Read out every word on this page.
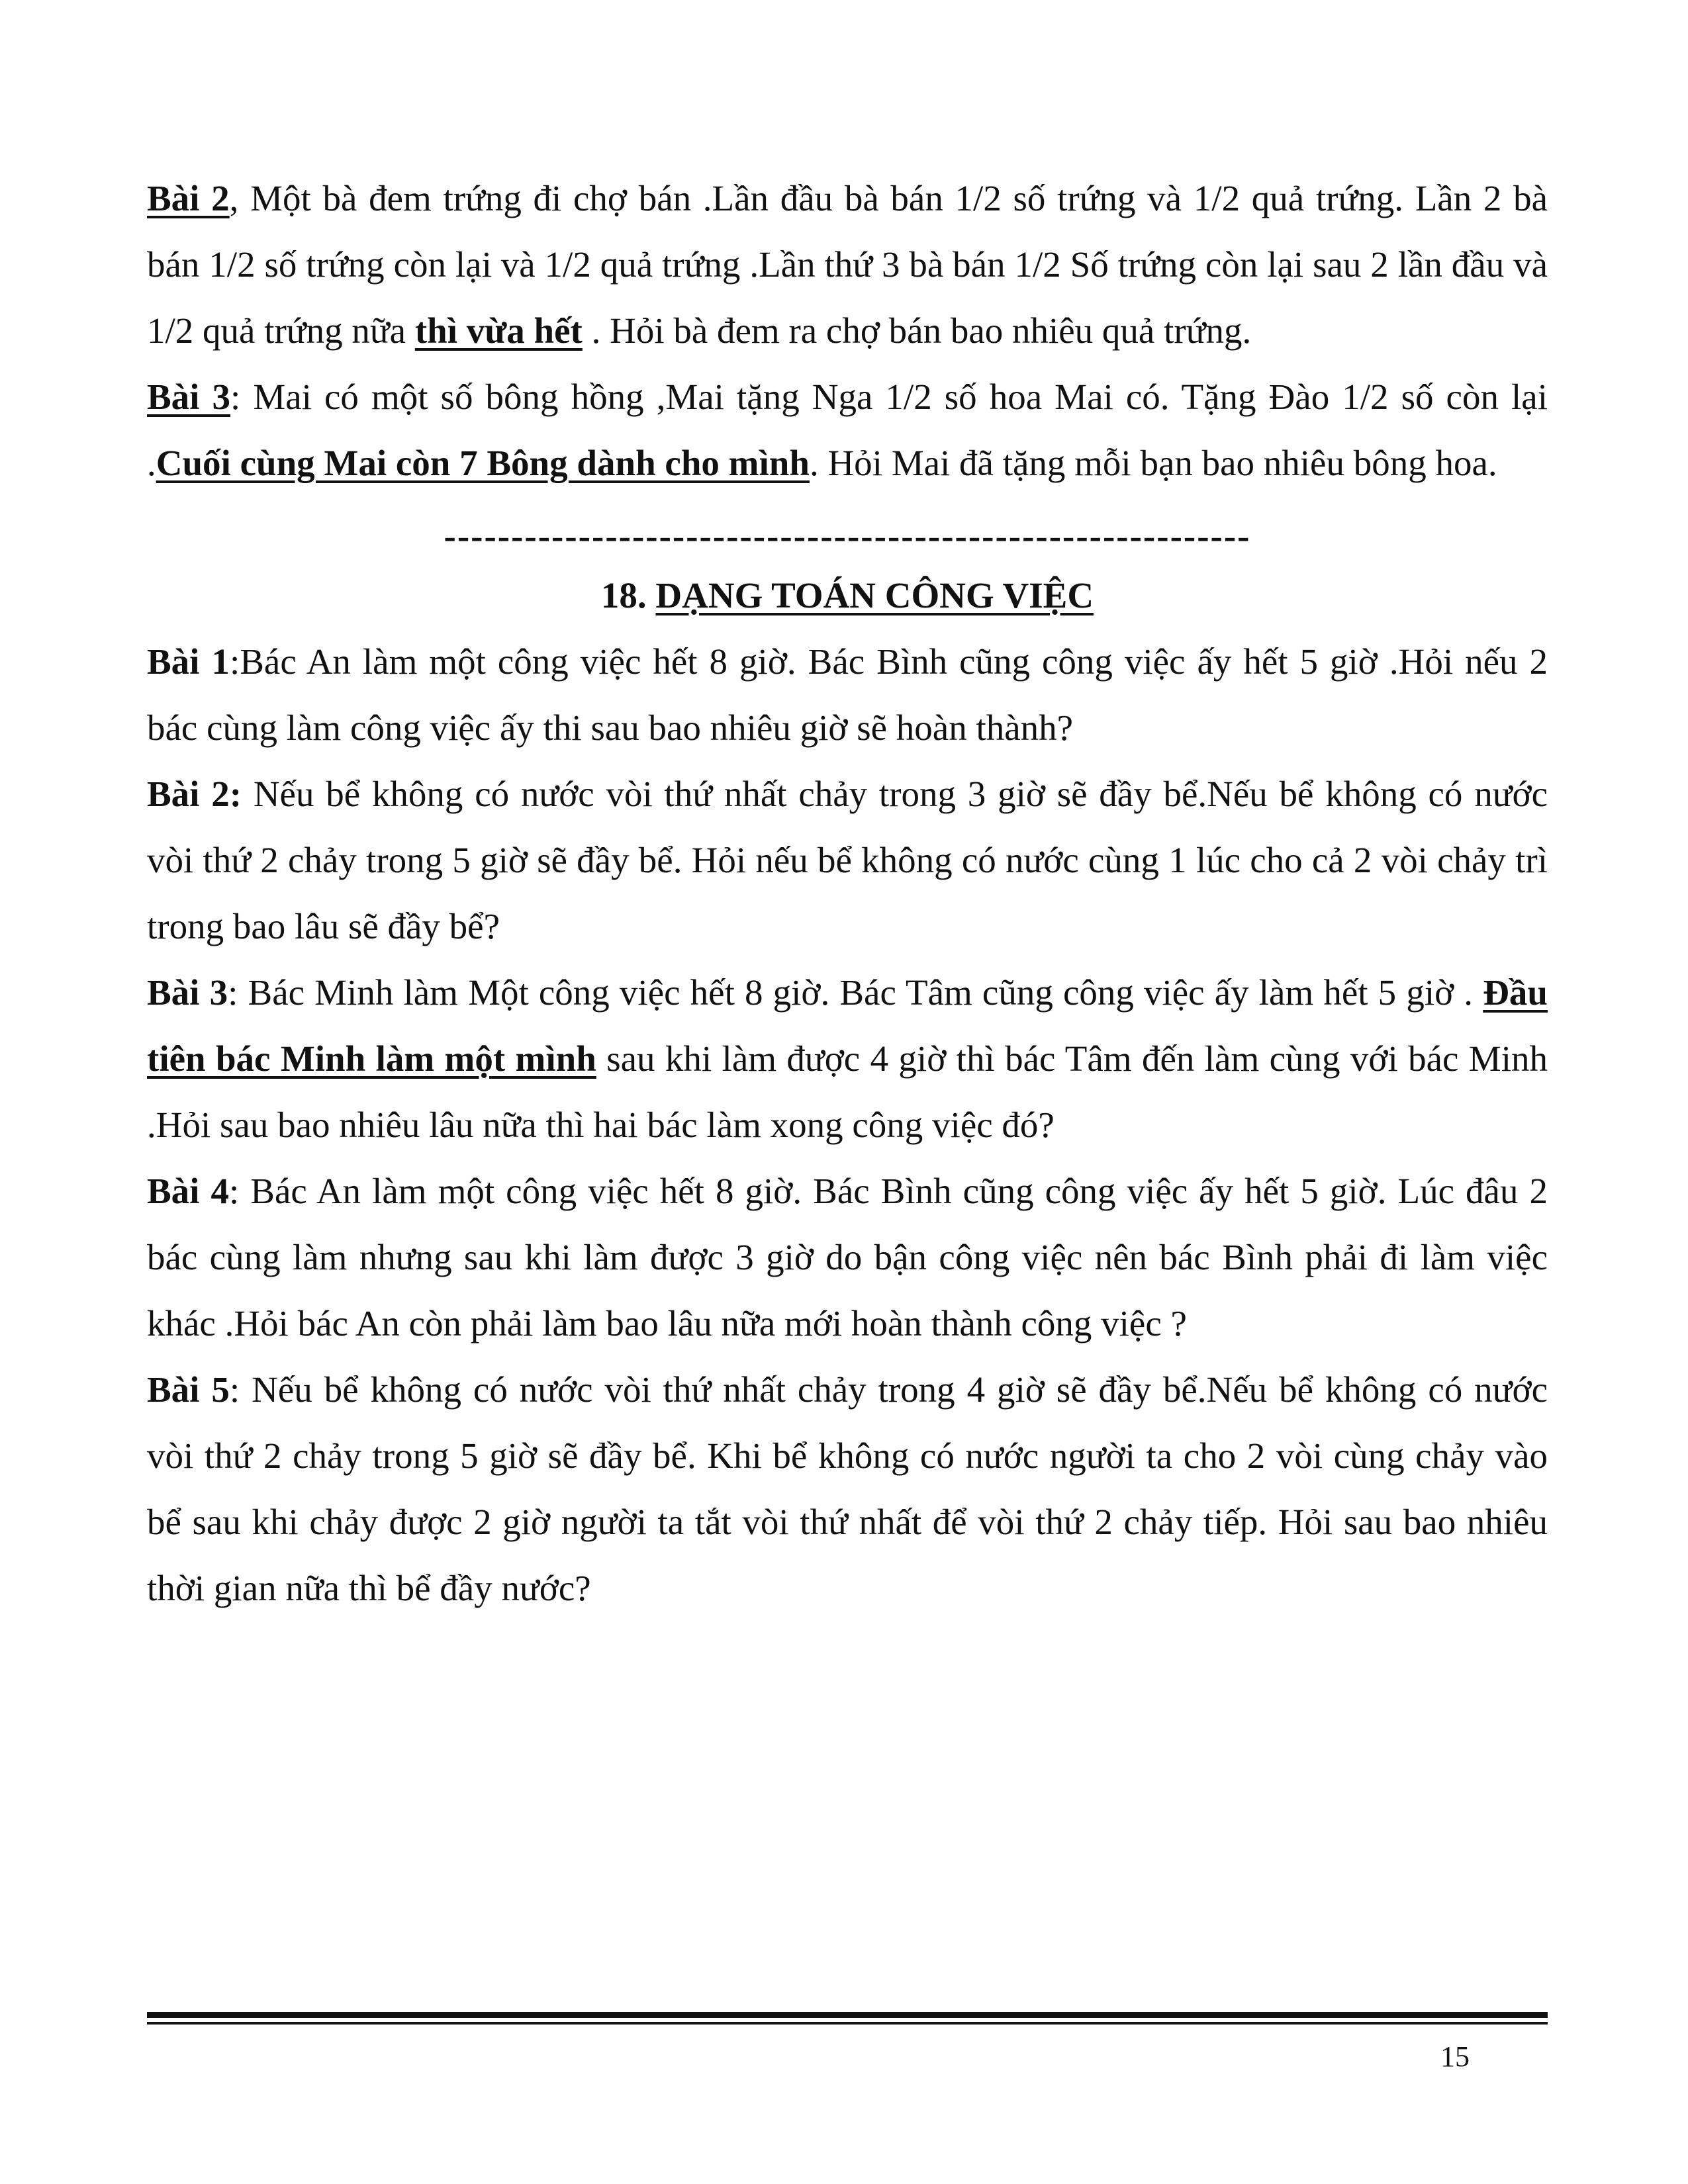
Bài 2, Một bà đem trứng đi chợ bán .Lần đầu bà bán 1/2 số trứng và 1/2 quả trứng. Lần 2 bà bán 1/2 số trứng còn lại và 1/2 quả trứng .Lần thứ 3 bà bán 1/2 Số trứng còn lại sau 2 lần đầu và 1/2 quả trứng nữa thì vừa hết . Hỏi bà đem ra chợ bán bao nhiêu quả trứng.

Bài 3: Mai có một số bông hồng ,Mai tặng Nga 1/2 số hoa Mai có. Tặng Đào 1/2 số còn lại .Cuối cùng Mai còn 7 Bông dành cho mình. Hỏi Mai đã tặng mỗi bạn bao nhiêu bông hoa.

------------------------------------------------------------

18. DẠNG TOÁN CÔNG VIỆC

Bài 1:Bác An làm một công việc hết 8 giờ. Bác Bình cũng công việc ấy hết 5 giờ .Hỏi nếu 2 bác cùng làm công việc ấy thi sau bao nhiêu giờ sẽ hoàn thành?

Bài 2: Nếu bể không có nước vòi thứ nhất chảy trong 3 giờ sẽ đầy bể.Nếu bể không có nước vòi thứ 2 chảy trong 5 giờ sẽ đầy bể. Hỏi nếu bể không có nước cùng 1 lúc cho cả 2 vòi chảy trì trong bao lâu sẽ đầy bể?

Bài 3: Bác Minh làm Một công việc hết 8 giờ. Bác Tâm cũng công việc ấy làm hết 5 giờ . Đầu tiên bác Minh làm một mình sau khi làm được 4 giờ thì bác Tâm đến làm cùng với bác Minh .Hỏi sau bao nhiêu lâu nữa thì hai bác làm xong công việc đó?

Bài 4: Bác An làm một công việc hết 8 giờ. Bác Bình cũng công việc ấy hết 5 giờ. Lúc đâu 2 bác cùng làm nhưng sau khi làm được 3 giờ do bận công việc nên bác Bình phải đi làm việc khác .Hỏi bác An còn phải làm bao lâu nữa mới hoàn thành công việc ?

Bài 5: Nếu bể không có nước vòi thứ nhất chảy trong 4 giờ sẽ đầy bể.Nếu bể không có nước vòi thứ 2 chảy trong 5 giờ sẽ đầy bể. Khi bể không có nước người ta cho 2 vòi cùng chảy vào bể sau khi chảy được 2 giờ người ta tắt vòi thứ nhất để vòi thứ 2 chảy tiếp. Hỏi sau bao nhiêu thời gian nữa thì bể đầy nước?

15
